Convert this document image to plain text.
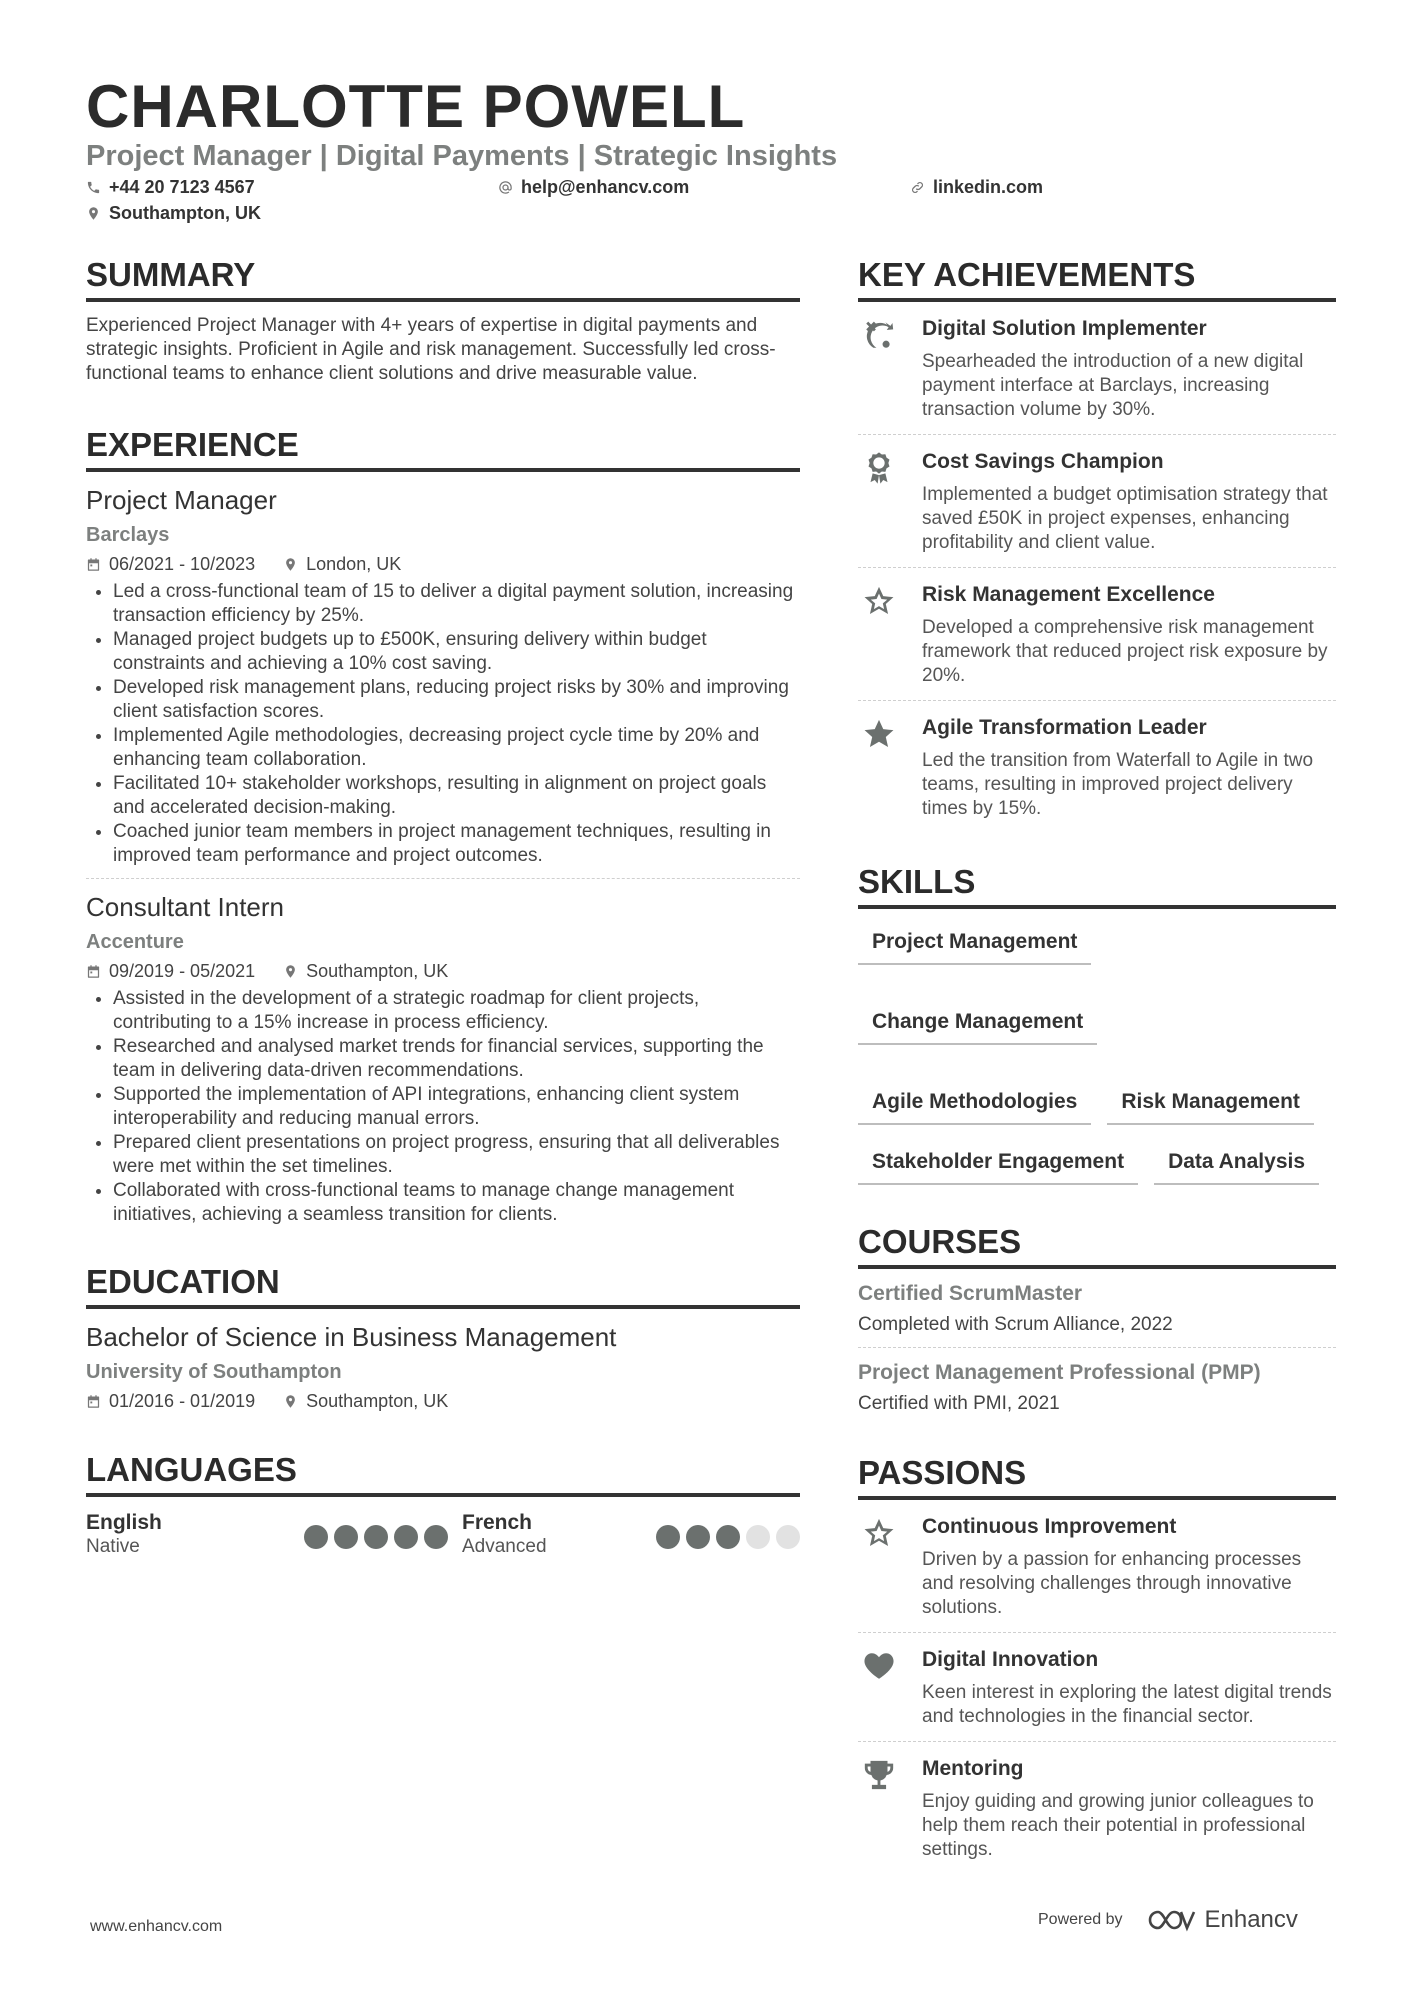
CHARLOTTE POWELL
Project Manager | Digital Payments | Strategic Insights
+44 20 7123 4567	help@enhancv.com	linkedin.com
Southampton, UK
SUMMARY

Experienced Project Manager with 4+ years of expertise in digital payments and strategic insights. Proficient in Agile and risk management. Successfully led cross-functional teams to enhance client solutions and drive measurable value.

EXPERIENCE
Project Manager
Barclays
06/2021 - 10/2023	London, UK
• Led a cross-functional team of 15 to deliver a digital payment solution, increasing transaction efficiency by 25%.
• Managed project budgets up to £500K, ensuring delivery within budget constraints and achieving a 10% cost saving.
• Developed risk management plans, reducing project risks by 30% and improving client satisfaction scores.
• Implemented Agile methodologies, decreasing project cycle time by 20% and enhancing team collaboration.
• Facilitated 10+ stakeholder workshops, resulting in alignment on project goals and accelerated decision-making.
• Coached junior team members in project management techniques, resulting in improved team performance and project outcomes.
Consultant Intern
Accenture
09/2019 - 05/2021	Southampton, UK
• Assisted in the development of a strategic roadmap for client projects, contributing to a 15% increase in process efficiency.
• Researched and analysed market trends for financial services, supporting the team in delivering data-driven recommendations.
• Supported the implementation of API integrations, enhancing client system interoperability and reducing manual errors.
• Prepared client presentations on project progress, ensuring that all deliverables were met within the set timelines.
• Collaborated with cross-functional teams to manage change management initiatives, achieving a seamless transition for clients.
EDUCATION
Bachelor of Science in Business Management
University of Southampton
01/2016 - 01/2019	Southampton, UK
LANGUAGES
English
Native
French
Advanced
KEY ACHIEVEMENTS
Digital Solution Implementer
Spearheaded the introduction of a new digital payment interface at Barclays, increasing transaction volume by 30%.
Cost Savings Champion
Implemented a budget optimisation strategy that saved £50K in project expenses, enhancing profitability and client value.
Risk Management Excellence
Developed a comprehensive risk management framework that reduced project risk exposure by 20%.
Agile Transformation Leader
Led the transition from Waterfall to Agile in two teams, resulting in improved project delivery times by 15%.
SKILLS
Project Management
Change Management
Agile Methodologies	Risk Management
Stakeholder Engagement	Data Analysis
COURSES
Certified ScrumMaster
Completed with Scrum Alliance, 2022
Project Management Professional (PMP)
Certified with PMI, 2021
PASSIONS
Continuous Improvement
Driven by a passion for enhancing processes and resolving challenges through innovative solutions.
Digital Innovation
Keen interest in exploring the latest digital trends and technologies in the financial sector.
Mentoring
Enjoy guiding and growing junior colleagues to help them reach their potential in professional settings.
www.enhancv.com	Powered by	Enhancv
